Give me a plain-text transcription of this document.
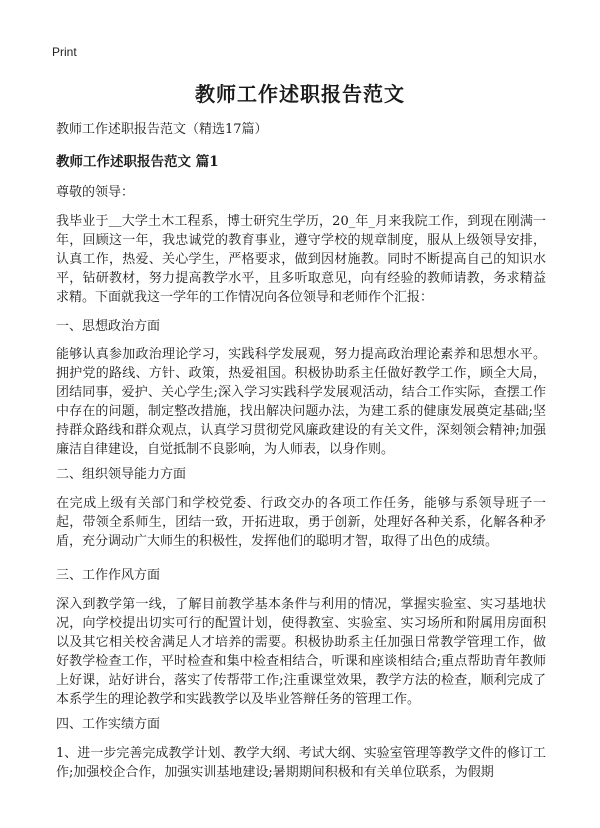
Print
教师工作述职报告范文
教师工作述职报告范文（精选17篇）
教师工作述职报告范文 篇1
尊敬的领导：
我毕业于＿大学土木工程系，博士研究生学历，20_年_月来我院工作，到现在刚满一年，回顾这一年，我忠诚党的教育事业，遵守学校的规章制度，服从上级领导安排，认真工作，热爱、关心学生，严格要求，做到因材施教。同时不断提高自己的知识水平，钻研教材，努力提高教学水平，且多听取意见，向有经验的教师请教，务求精益求精。下面就我这一学年的工作情况向各位领导和老师作个汇报：
一、思想政治方面
能够认真参加政治理论学习，实践科学发展观，努力提高政治理论素养和思想水平。拥护党的路线、方针、政策，热爱祖国。积极协助系主任做好教学工作，顾全大局，团结同事，爱护、关心学生;深入学习实践科学发展观活动，结合工作实际，查摆工作中存在的问题，制定整改措施，找出解决问题办法，为建工系的健康发展奠定基础;坚持群众路线和群众观点，认真学习贯彻党风廉政建设的有关文件，深刻领会精神;加强廉洁自律建设，自觉抵制不良影响，为人师表，以身作则。
二、组织领导能力方面
在完成上级有关部门和学校党委、行政交办的各项工作任务，能够与系领导班子一起，带领全系师生，团结一致，开拓进取，勇于创新，处理好各种关系，化解各种矛盾，充分调动广大师生的积极性，发挥他们的聪明才智，取得了出色的成绩。
三、工作作风方面
深入到教学第一线，了解目前教学基本条件与利用的情况，掌握实验室、实习基地状况，向学校提出切实可行的配置计划，使得教室、实验室、实习场所和附属用房面积以及其它相关校舍满足人才培养的需要。积极协助系主任加强日常教学管理工作，做好教学检查工作，平时检查和集中检查相结合，听课和座谈相结合;重点帮助青年教师上好课，站好讲台，落实了传帮带工作;注重课堂效果，教学方法的检查，顺利完成了本系学生的理论教学和实践教学以及毕业答辩任务的管理工作。
四、工作实绩方面
1、进一步完善完成教学计划、教学大纲、考试大纲、实验室管理等教学文件的修订工作;加强校企合作，加强实训基地建设;暑期期间积极和有关单位联系，为假期
